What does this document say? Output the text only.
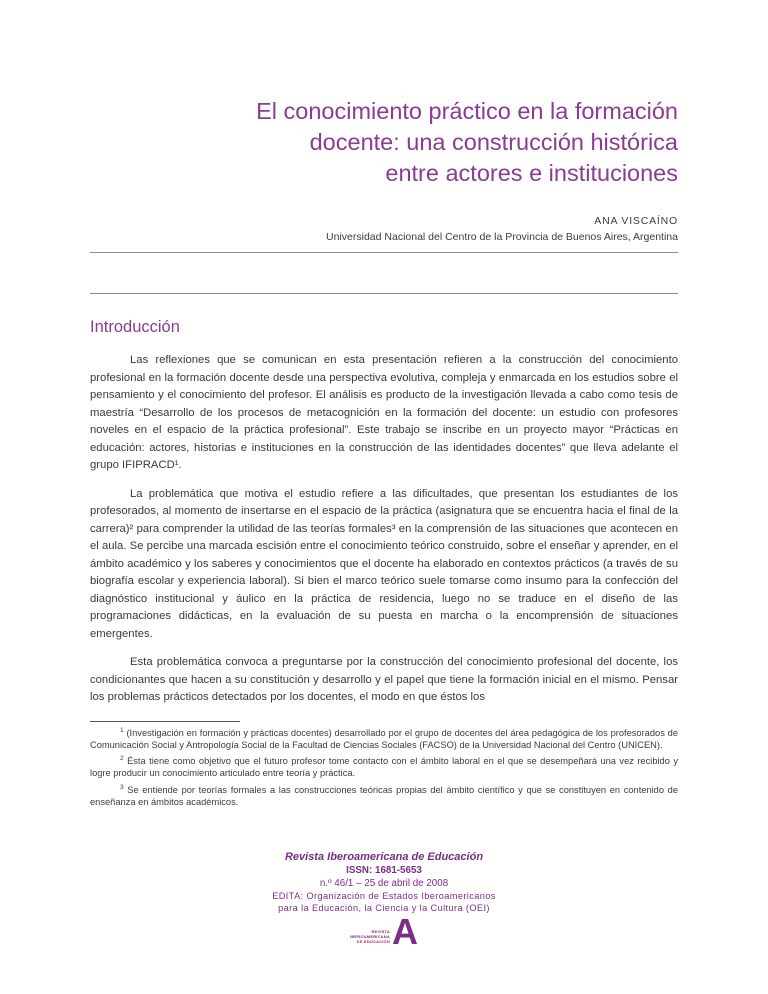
El conocimiento práctico en la formación
docente: una construcción histórica
entre actores e instituciones
ANA VISCAÍNO
Universidad Nacional del Centro de la Provincia de Buenos Aires, Argentina
Introducción

Las reflexiones que se comunican en esta presentación refieren a la construcción del conocimiento profesional en la formación docente desde una perspectiva evolutiva, compleja y enmarcada en los estudios sobre el pensamiento y el conocimiento del profesor. El análisis es producto de la investigación llevada a cabo como tesis de maestría “Desarrollo de los procesos de metacognición en la formación del docente: un estudio con profesores noveles en el espacio de la práctica profesional”. Este trabajo se inscribe en un proyecto mayor “Prácticas en educación: actores, historias e instituciones en la construcción de las identidades docentes” que lleva adelante el grupo IFIPRACD¹.

La problemática que motiva el estudio refiere a las dificultades, que presentan los estudiantes de los profesorados, al momento de insertarse en el espacio de la práctica (asignatura que se encuentra hacia el final de la carrera)² para comprender la utilidad de las teorías formales³ en la comprensión de las situaciones que acontecen en el aula. Se percibe una marcada escisión entre el conocimiento teórico construido, sobre el enseñar y aprender, en el ámbito académico y los saberes y conocimientos que el docente ha elaborado en contextos prácticos (a través de su biografía escolar y experiencia laboral). Si bien el marco teórico suele tomarse como insumo para la confección del diagnóstico institucional y áulico en la práctica de residencia, luego no se traduce en el diseño de las programaciones didácticas, en la evaluación de su puesta en marcha o la encomprensión de situaciones emergentes.

Esta problemática convoca a preguntarse por la construcción del conocimiento profesional del docente, los condicionantes que hacen a su constitución y desarrollo y el papel que tiene la formación inicial en el mismo. Pensar los problemas prácticos detectados por los docentes, el modo en que éstos los

$^1$ (Investigación en formación y prácticas docentes) desarrollado por el grupo de docentes del área pedagógica de los profesorados de Comunicación Social y Antropología Social de la Facultad de Ciencias Sociales (FACSO) de la Universidad Nacional del Centro (UNICEN).

$^2$ Ésta tiene como objetivo que el futuro profesor tome contacto con el ámbito laboral en el que se desempeñará una vez recibido y logre producir un conocimiento articulado entre teoría y práctica.

$^3$ Se entiende por teorías formales a las construcciones teóricas propias del ámbito científico y que se constituyen en contenido de enseñanza en ámbitos académicos.

Revista Iberoamericana de Educación
ISSN: 1681-5653
n.º 46/1 – 25 de abril de 2008
EDITA: Organización de Estados Iberoamericanos
para la Educación, la Ciencia y la Cultura (OEI)
REVISTA
IBEROAMERICANA
DE EDUCACIÓN A
